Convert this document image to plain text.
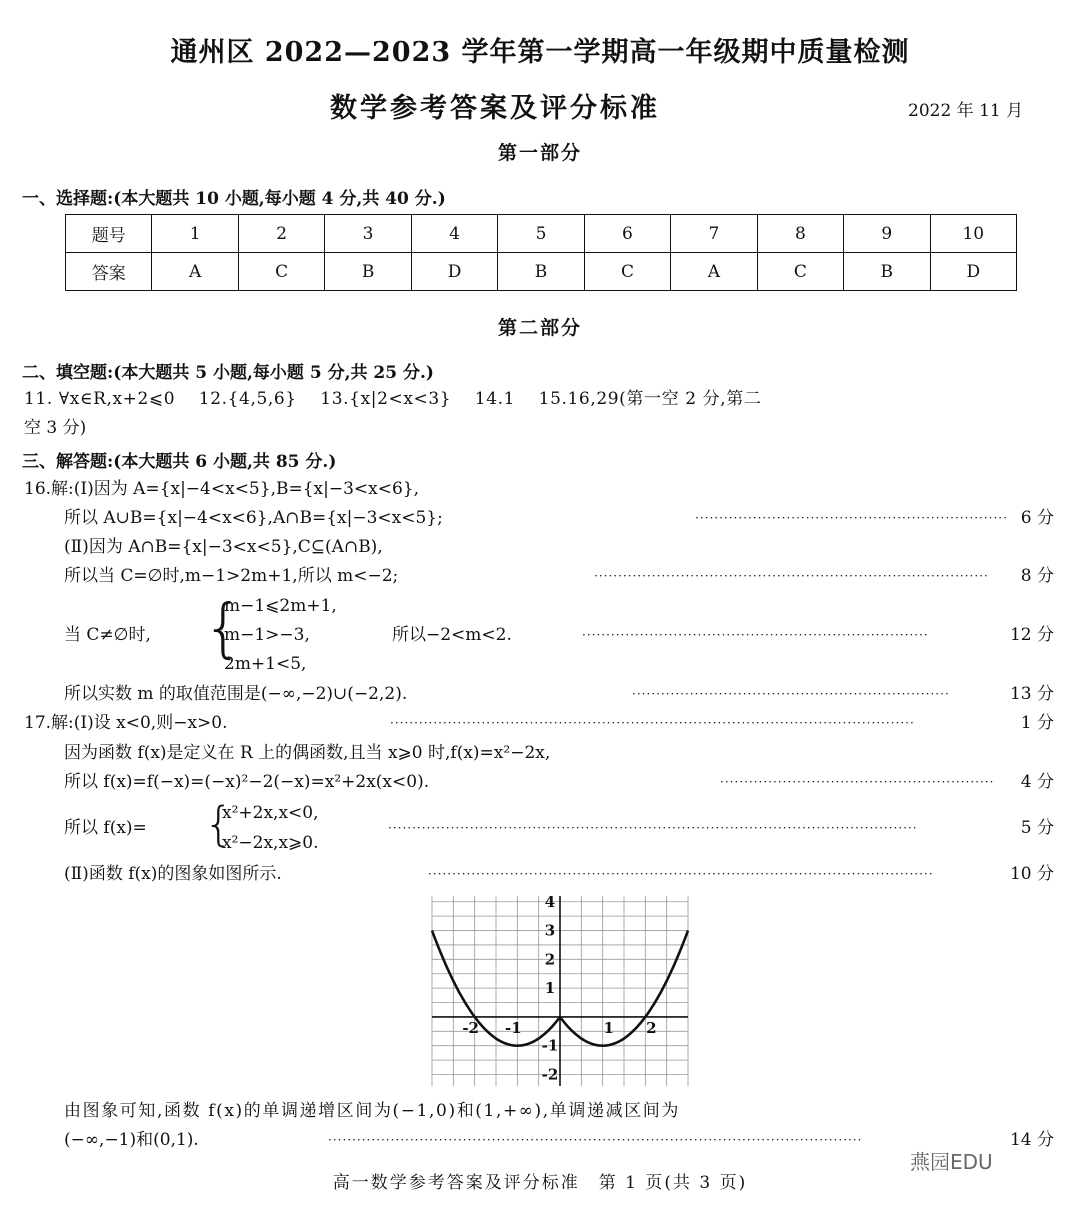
通州区 2022—2023 学年第一学期高一年级期中质量检测
数学参考答案及评分标准	2022 年 11 月
第一部分
一、选择题:(本大题共 10 小题,每小题 4 分,共 40 分.)
题号	1	2	3	4	5	6	7	8	9	10
答案	A	C	B	D	B	C	A	C	B	D
第二部分
二、填空题:(本大题共 5 小题,每小题 5 分,共 25 分.)
11. ∀x∈R,x+2⩽0　 12.{4,5,6}　 13.{x|2<x<3}　 14.1　 15.16,29(第一空 2 分,第二
空 3 分)
三、解答题:(本大题共 6 小题,共 85 分.)
16.解:(Ⅰ)因为 A={x|−4<x<5},B={x|−3<x<6},
所以 A∪B={x|−4<x<6},A∩B={x|−3<x<5};	································································· 6 分
(Ⅱ)因为 A∩B={x|−3<x<5},C⊆(A∩B),
所以当 C=∅时,m−1>2m+1,所以 m<−2;	·················································································· 8 分
当 C≠∅时, {
m−1⩽2m+1,
m−1>−3,
2m+1<5,
所以−2<m<2.	········································································	12 分
所以实数 m 的取值范围是(−∞,−2)∪(−2,2).	··································································	13 分
17.解:(Ⅰ)设 x<0,则−x>0.	·············································································································	1 分
因为函数 f(x)是定义在 R 上的偶函数,且当 x⩾0 时,f(x)=x²−2x,
所以 f(x)=f(−x)=(−x)²−2(−x)=x²+2x(x<0).	························································· 4 分
所以 f(x)= {
x²+2x,x<0,
x²−2x,x⩾0.
··············································································································	5 分
(Ⅱ)函数 f(x)的图象如图所示.	·········································································································	10 分
-2 -1	1 2
4
3
2
1
-1
-2
由图象可知,函数 f(x)的单调递增区间为(−1,0)和(1,+∞),单调递减区间为
(−∞,−1)和(0,1).	···············································································································	14 分
燕园EDU
高一数学参考答案及评分标准　第 1 页(共 3 页)
